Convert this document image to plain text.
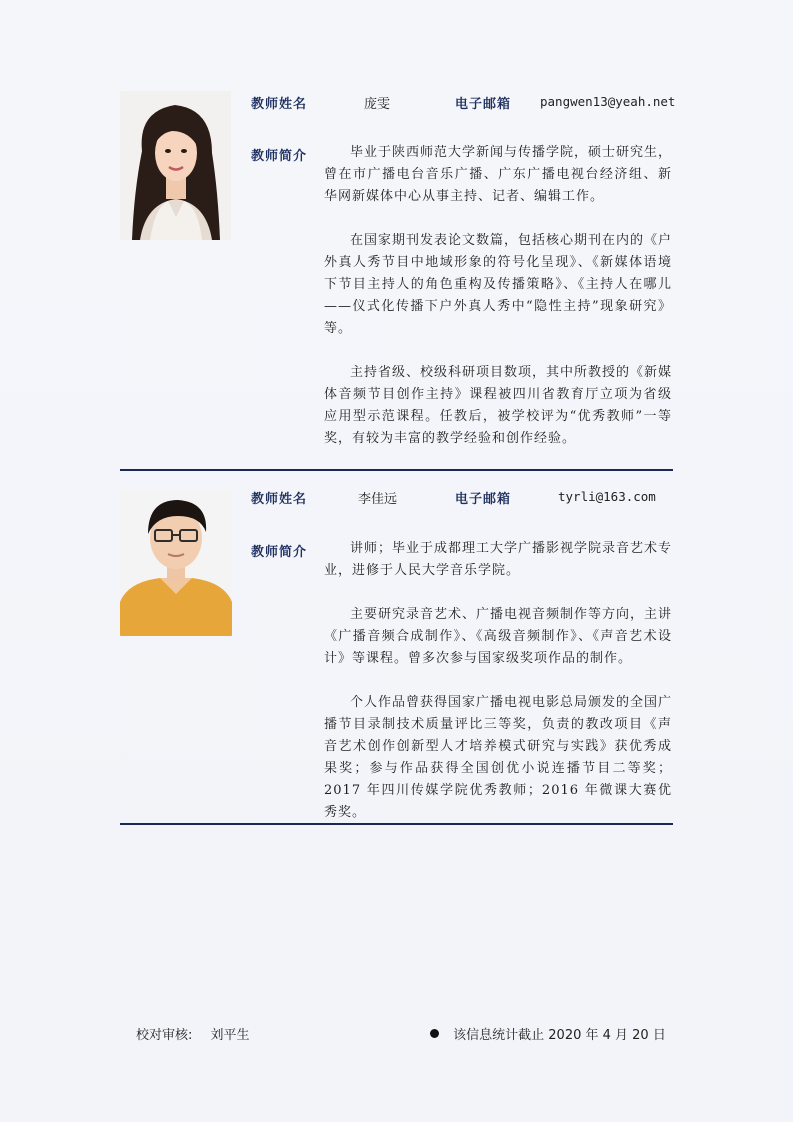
教师姓名	庞雯	电子邮箱 pangwen13@yeah.net
教师简介	毕业于陕西师范大学新闻与传播学院，硕士研究生，曾在市广播电台音乐广播、广东广播电视台经济组、新华网新媒体中心从事主持、记者、编辑工作。

在国家期刊发表论文数篇，包括核心期刊在内的《户外真人秀节目中地域形象的符号化呈现》、《新媒体语境下节目主持人的角色重构及传播策略》、《主持人在哪儿——仪式化传播下户外真人秀中“隐性主持”现象研究》等。

主持省级、校级科研项目数项，其中所教授的《新媒体音频节目创作主持》课程被四川省教育厅立项为省级应用型示范课程。任教后，被学校评为“优秀教师”一等奖，有较为丰富的教学经验和创作经验。

教师姓名	李佳远	电子邮箱	tyrli@163.com
教师简介	讲师；毕业于成都理工大学广播影视学院录音艺术专业，进修于人民大学音乐学院。

主要研究录音艺术、广播电视音频制作等方向，主讲《广播音频合成制作》、《高级音频制作》、《声音艺术设计》等课程。曾多次参与国家级奖项作品的制作。

个人作品曾获得国家广播电视电影总局颁发的全国广播节目录制技术质量评比三等奖，负责的教改项目《声音艺术创作创新型人才培养模式研究与实践》获优秀成果奖；参与作品获得全国创优小说连播节目二等奖；2017 年四川传媒学院优秀教师；2016 年微课大赛优秀奖。

校对审核: 刘平生	该信息统计截止 2020 年 4 月 20 日
